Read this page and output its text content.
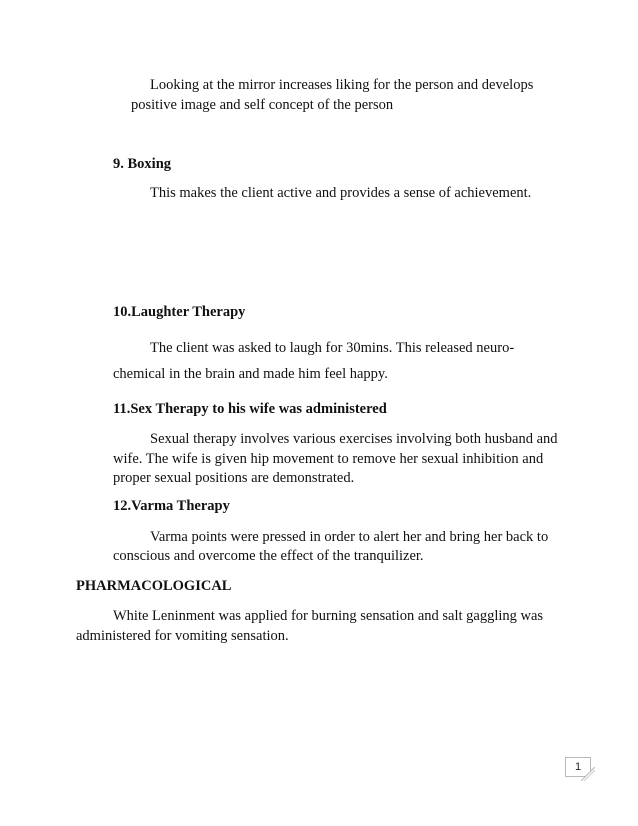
Looking at the mirror increases liking for the person and develops
positive image and self concept of the person
9. Boxing
This makes the client active and provides a sense of achievement.
10.Laughter Therapy
The client was asked to laugh for 30mins. This released neuro-
chemical in the brain and made him feel happy.
11.Sex Therapy to his wife was administered
Sexual therapy involves various exercises involving both husband and
wife. The wife is given hip movement to remove her sexual inhibition and
proper sexual positions are demonstrated.
12.Varma Therapy
Varma points were pressed in order to alert her and bring her back to
conscious and overcome the effect of the tranquilizer.
PHARMACOLOGICAL
White Leninment was applied for burning sensation and salt gaggling was
administered for vomiting sensation.
1
